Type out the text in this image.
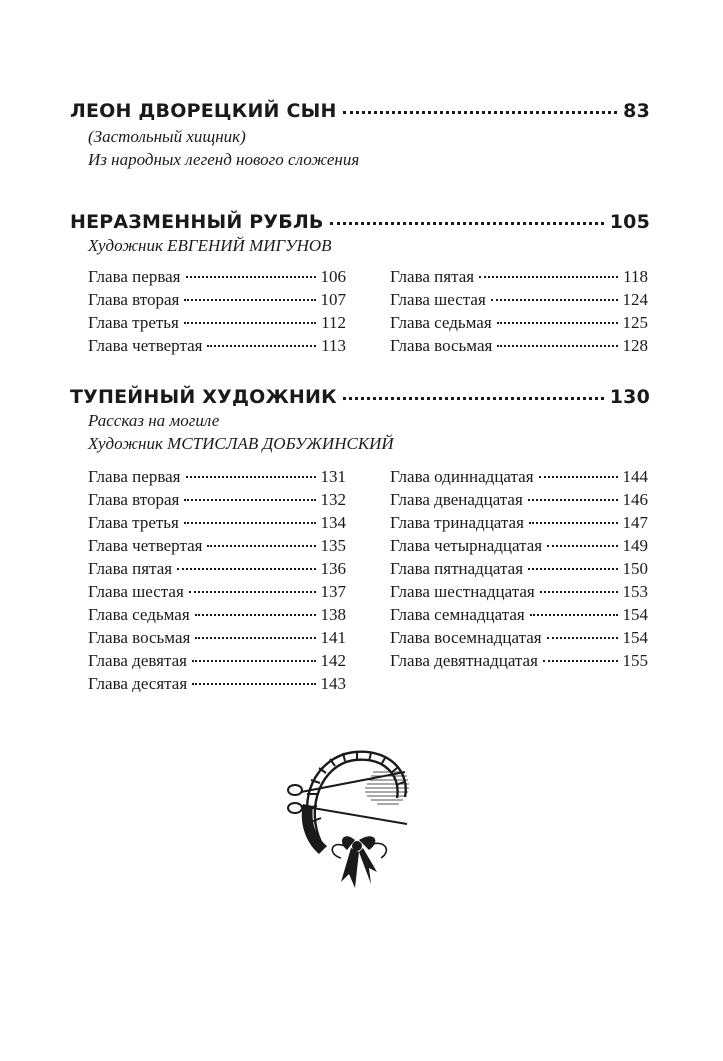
ЛЕОН ДВОРЕЦКИЙ СЫН	83
(Застольный хищник)
Из народных легенд нового сложения
НЕРАЗМЕННЫЙ РУБЛЬ	105
Художник ЕВГЕНИЙ МИГУНОВ
Глава первая	106
Глава вторая	107
Глава третья	112
Глава четвертая	113
Глава пятая	118
Глава шестая	124
Глава седьмая	125
Глава восьмая	128
ТУПЕЙНЫЙ ХУДОЖНИК	130
Рассказ на могиле
Художник МСТИСЛАВ ДОБУЖИНСКИЙ
Глава первая	131
Глава вторая	132
Глава третья	134
Глава четвертая	135
Глава пятая	136
Глава шестая	137
Глава седьмая	138
Глава восьмая	141
Глава девятая	142
Глава десятая	143
Глава одиннадцатая	144
Глава двенадцатая	146
Глава тринадцатая	147
Глава четырнадцатая	149
Глава пятнадцатая	150
Глава шестнадцатая	153
Глава семнадцатая	154
Глава восемнадцатая	154
Глава девятнадцатая	155
